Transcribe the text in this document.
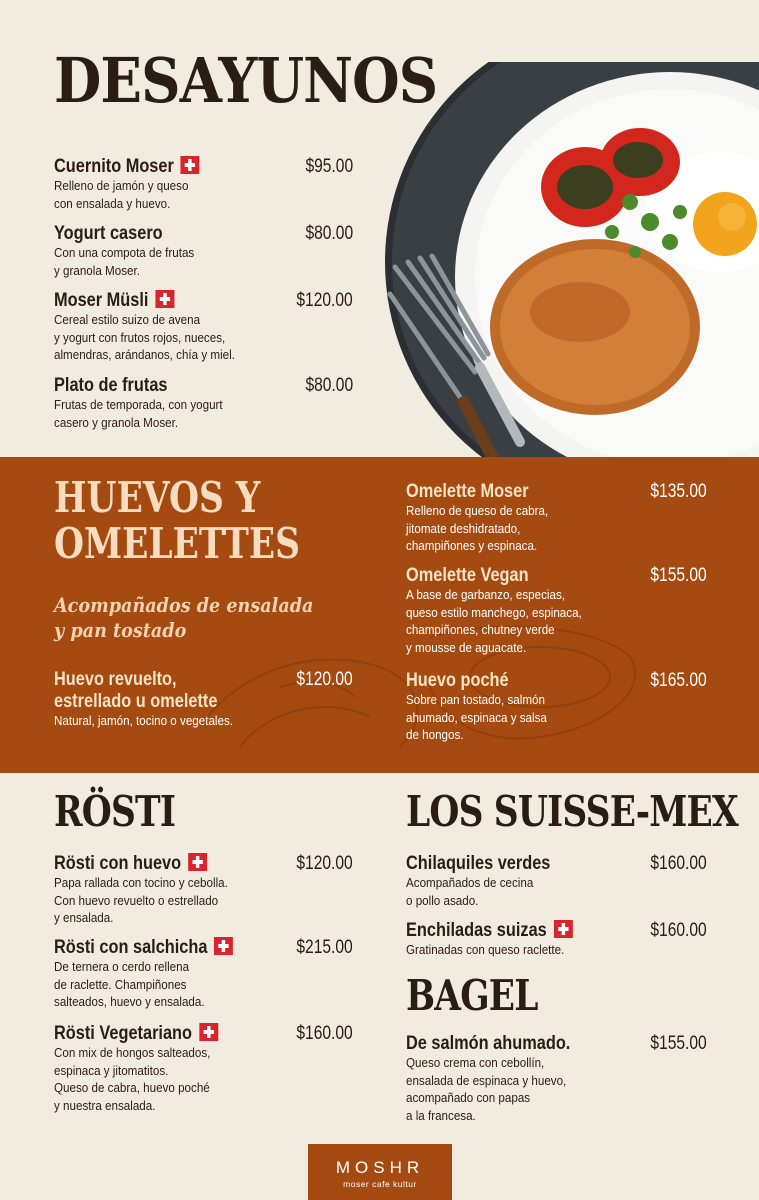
DESAYUNOS
Cuernito Moser
Relleno de jamón y queso
con ensalada y huevo.
$95.00
Yogurt casero
Con una compota de frutas
y granola Moser.
$80.00
Moser Müsli
Cereal estilo suizo de avena
y yogurt con frutos rojos, nueces,
almendras, arándanos, chía y miel.
$120.00
Plato de frutas
Frutas de temporada, con yogurt
casero y granola Moser.
$80.00
HUEVOS Y
OMELETTES
Acompañados de ensalada
y pan tostado
Huevo revuelto,
estrellado u omelette
Natural, jamón, tocino o vegetales.
$120.00
Omelette Moser
Relleno de queso de cabra,
jitomate deshidratado,
champiñones y espinaca.
$135.00
Omelette Vegan
A base de garbanzo, especias,
queso estilo manchego, espinaca,
champiñones, chutney verde
y mousse de aguacate.
$155.00
Huevo poché
Sobre pan tostado, salmón
ahumado, espinaca y salsa
de hongos.
$165.00
RÖSTI
Rösti con huevo
Papa rallada con tocino y cebolla.
Con huevo revuelto o estrellado
y ensalada.
$120.00
Rösti con salchicha
De ternera o cerdo rellena
de raclette. Champiñones
salteados, huevo y ensalada.
$215.00
Rösti Vegetariano
Con mix de hongos salteados,
espinaca y jitomatitos.
Queso de cabra, huevo poché
y nuestra ensalada.
$160.00
LOS SUISSE-MEX
Chilaquiles verdes
Acompañados de cecina
o pollo asado.
$160.00
Enchiladas suizas
Gratinadas con queso raclette.
$160.00
BAGEL
De salmón ahumado.
Queso crema con cebollín,
ensalada de espinaca y huevo,
acompañado con papas
a la francesa.
$155.00
MOSHR
moser cafe kultur
